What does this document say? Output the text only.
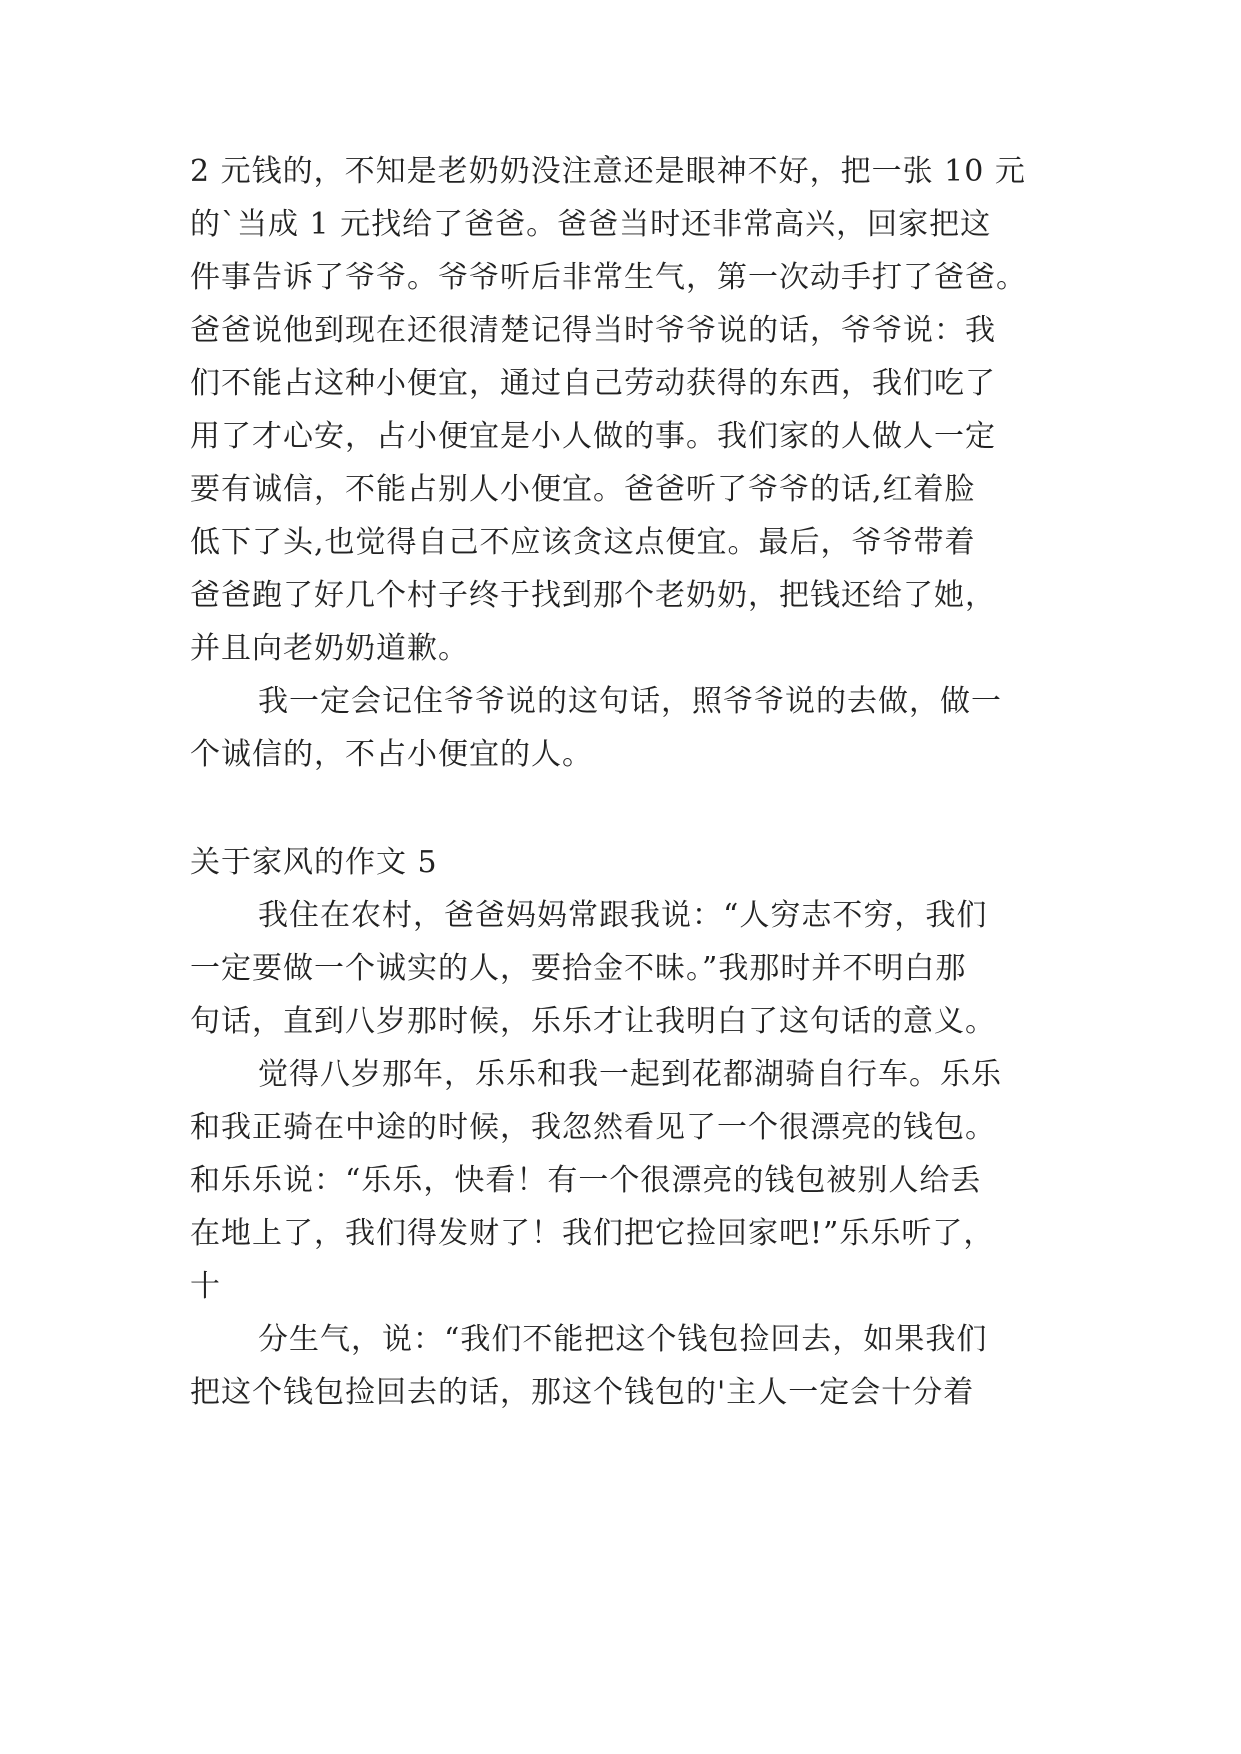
2 元钱的，不知是老奶奶没注意还是眼神不好，把一张 10 元
的`当成 1 元找给了爸爸。爸爸当时还非常高兴，回家把这
件事告诉了爷爷。爷爷听后非常生气，第一次动手打了爸爸。
爸爸说他到现在还很清楚记得当时爷爷说的话，爷爷说：我
们不能占这种小便宜，通过自己劳动获得的东西，我们吃了
用了才心安，占小便宜是小人做的事。我们家的人做人一定
要有诚信，不能占别人小便宜。爸爸听了爷爷的话,红着脸
低下了头,也觉得自己不应该贪这点便宜。最后，爷爷带着
爸爸跑了好几个村子终于找到那个老奶奶，把钱还给了她，
并且向老奶奶道歉。
我一定会记住爷爷说的这句话，照爷爷说的去做，做一
个诚信的，不占小便宜的人。
关于家风的作文 5
我住在农村，爸爸妈妈常跟我说：“人穷志不穷，我们
一定要做一个诚实的人，要拾金不昧。”我那时并不明白那
句话，直到八岁那时候，乐乐才让我明白了这句话的意义。
觉得八岁那年，乐乐和我一起到花都湖骑自行车。乐乐
和我正骑在中途的时候，我忽然看见了一个很漂亮的钱包。
和乐乐说：“乐乐，快看！有一个很漂亮的钱包被别人给丢
在地上了，我们得发财了！我们把它捡回家吧!”乐乐听了，
十
分生气，说：“我们不能把这个钱包捡回去，如果我们
把这个钱包捡回去的话，那这个钱包的'主人一定会十分着
